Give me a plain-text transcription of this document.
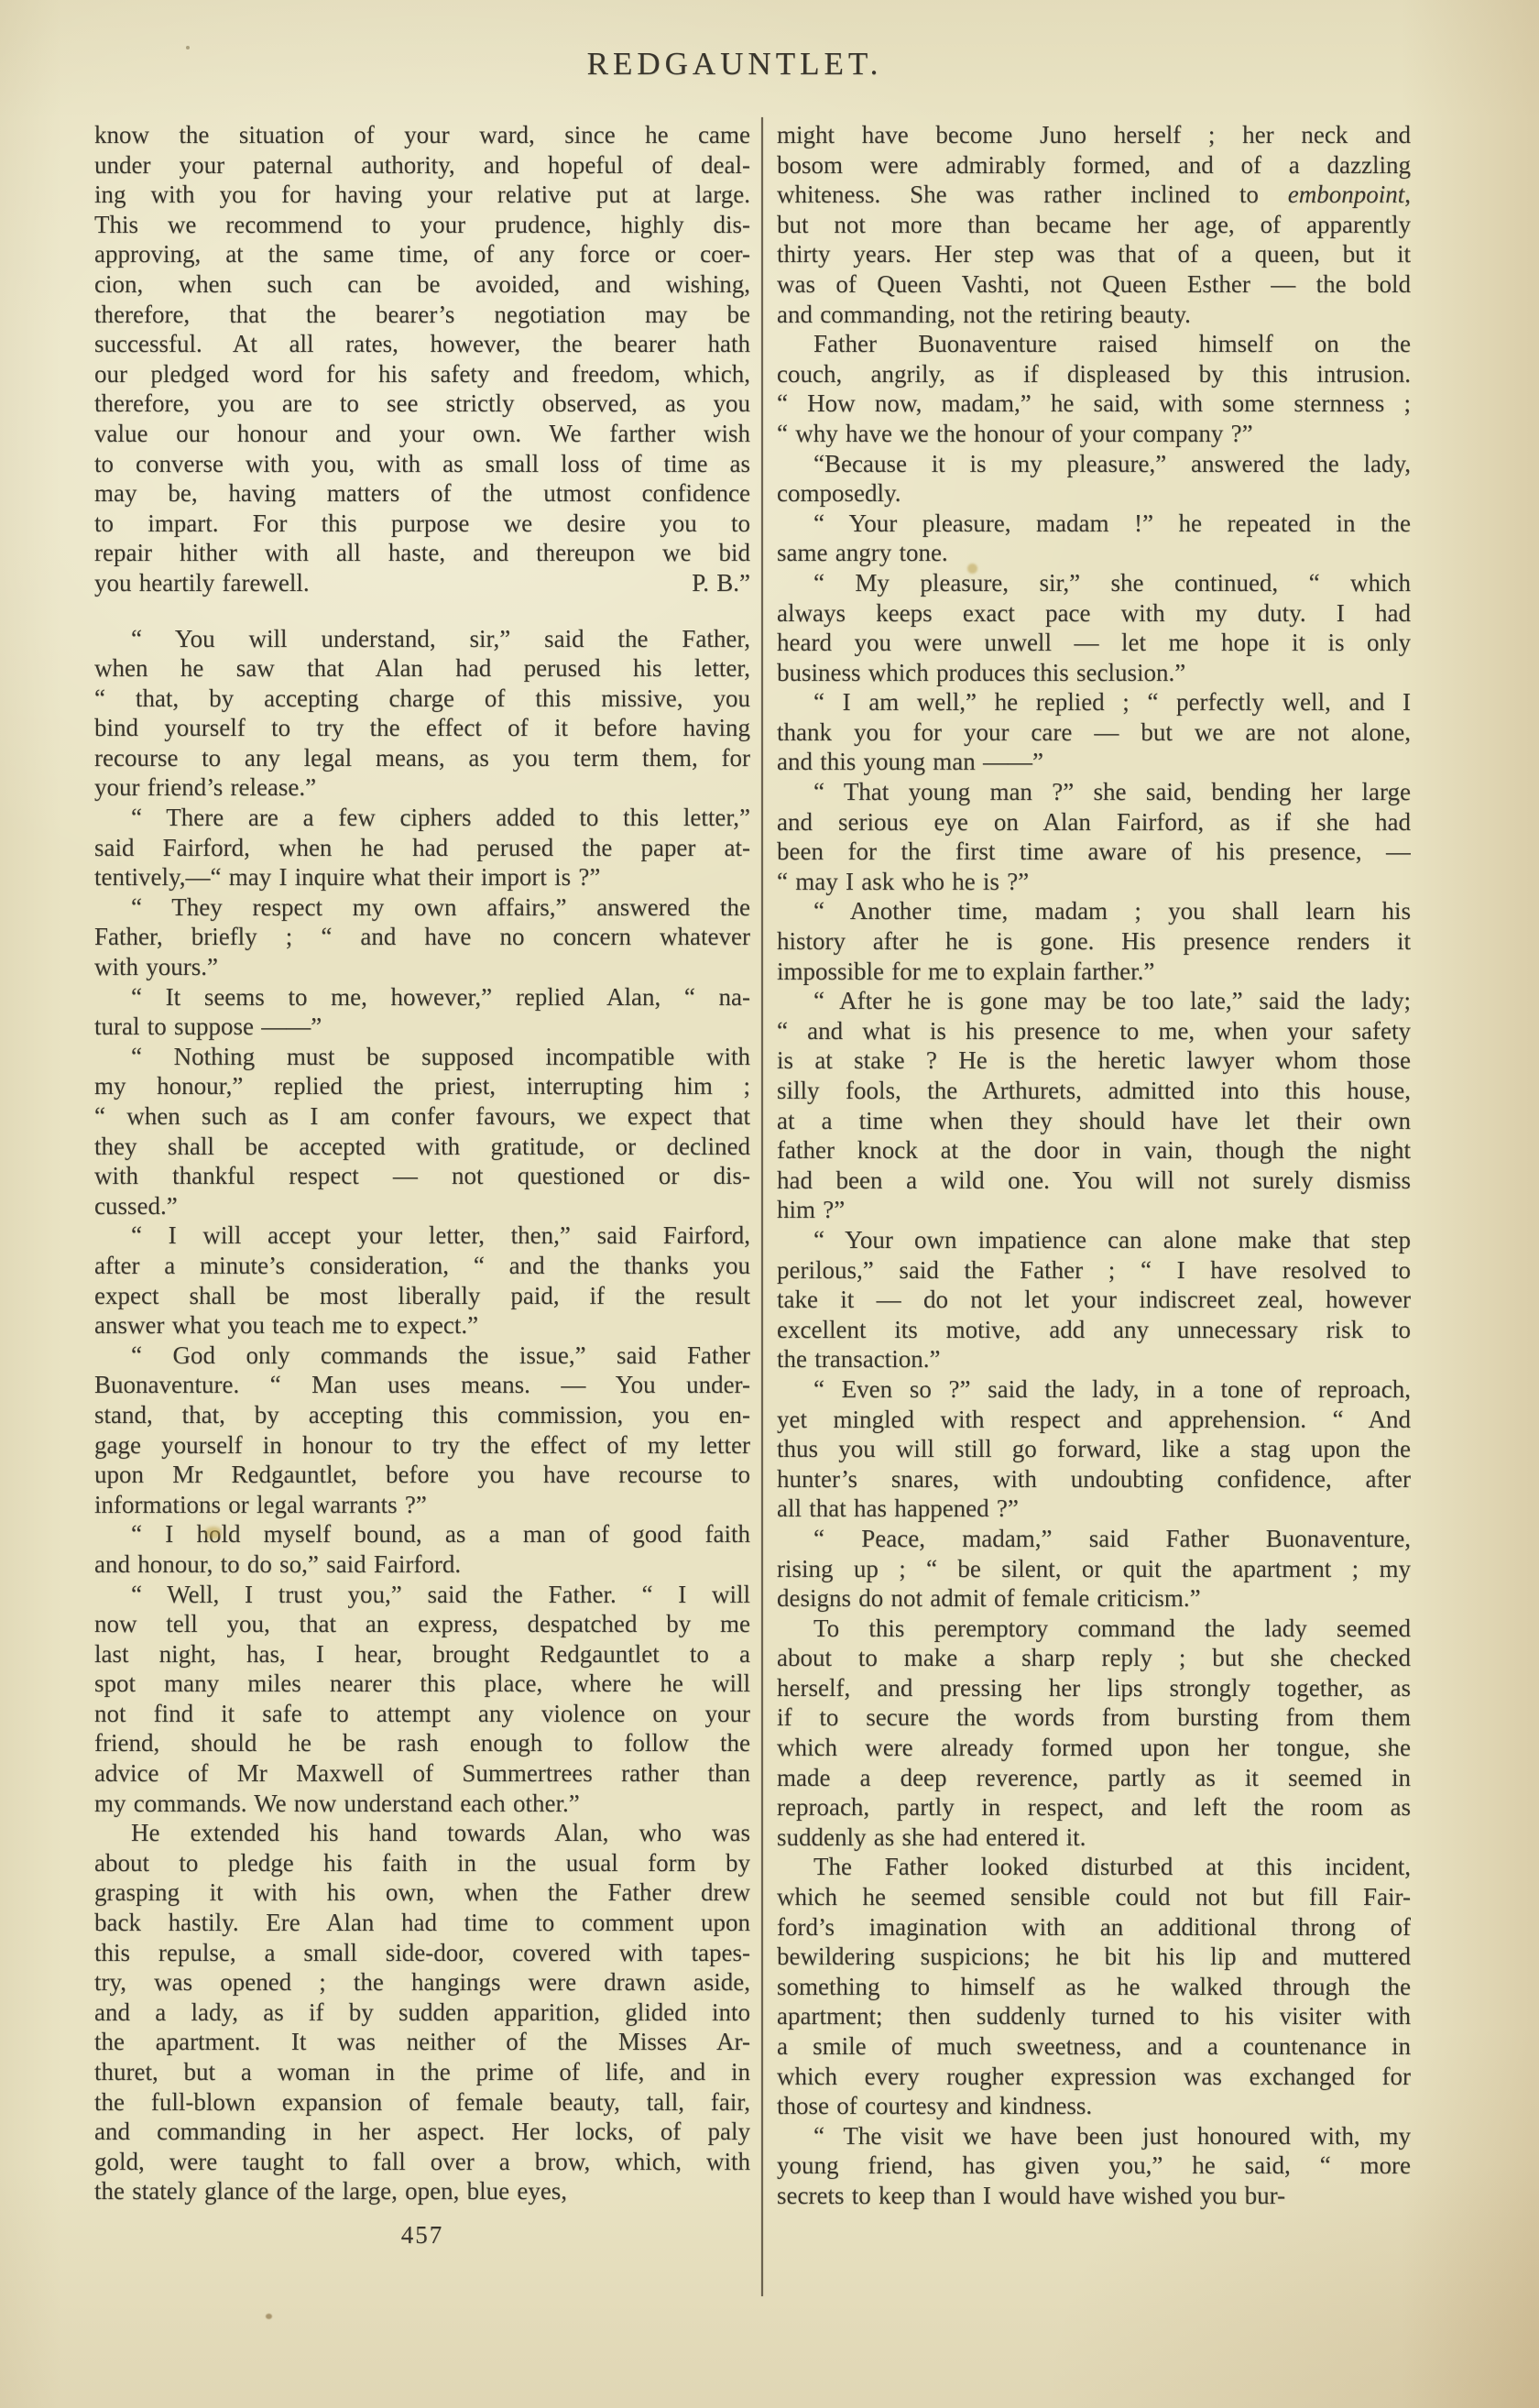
REDGAUNTLET.
know the situation of your ward, since he came
under your paternal authority, and hopeful of deal-
ing with you for having your relative put at large.
This we recommend to your prudence, highly dis-
approving, at the same time, of any force or coer-
cion, when such can be avoided, and wishing,
therefore, that the bearer’s negotiation may be
successful. At all rates, however, the bearer hath
our pledged word for his safety and freedom, which,
therefore, you are to see strictly observed, as you
value our honour and your own. We farther wish
to converse with you, with as small loss of time as
may be, having matters of the utmost confidence
to impart. For this purpose we desire you to
repair hither with all haste, and thereupon we bid
you heartily farewell.	P. B.”
“ You will understand, sir,” said the Father,
when he saw that Alan had perused his letter,
“ that, by accepting charge of this missive, you
bind yourself to try the effect of it before having
recourse to any legal means, as you term them, for
your friend’s release.”
“ There are a few ciphers added to this letter,”
said Fairford, when he had perused the paper at-
tentively,—“ may I inquire what their import is ?”
“ They respect my own affairs,” answered the
Father, briefly ; “ and have no concern whatever
with yours.”
“ It seems to me, however,” replied Alan, “ na-
tural to suppose ——”
“ Nothing must be supposed incompatible with
my honour,” replied the priest, interrupting him ;
“ when such as I am confer favours, we expect that
they shall be accepted with gratitude, or declined
with thankful respect — not questioned or dis-
cussed.”
“ I will accept your letter, then,” said Fairford,
after a minute’s consideration, “ and the thanks you
expect shall be most liberally paid, if the result
answer what you teach me to expect.”
“ God only commands the issue,” said Father
Buonaventure. “ Man uses means. — You under-
stand, that, by accepting this commission, you en-
gage yourself in honour to try the effect of my letter
upon Mr Redgauntlet, before you have recourse to
informations or legal warrants ?”
“ I hold myself bound, as a man of good faith
and honour, to do so,” said Fairford.
“ Well, I trust you,” said the Father. “ I will
now tell you, that an express, despatched by me
last night, has, I hear, brought Redgauntlet to a
spot many miles nearer this place, where he will
not find it safe to attempt any violence on your
friend, should he be rash enough to follow the
advice of Mr Maxwell of Summertrees rather than
my commands. We now understand each other.”
He extended his hand towards Alan, who was
about to pledge his faith in the usual form by
grasping it with his own, when the Father drew
back hastily. Ere Alan had time to comment upon
this repulse, a small side-door, covered with tapes-
try, was opened ; the hangings were drawn aside,
and a lady, as if by sudden apparition, glided into
the apartment. It was neither of the Misses Ar-
thuret, but a woman in the prime of life, and in
the full-blown expansion of female beauty, tall, fair,
and commanding in her aspect. Her locks, of paly
gold, were taught to fall over a brow, which, with
the stately glance of the large, open, blue eyes,
might have become Juno herself ; her neck and
bosom were admirably formed, and of a dazzling
whiteness. She was rather inclined to embonpoint,
but not more than became her age, of apparently
thirty years. Her step was that of a queen, but it
was of Queen Vashti, not Queen Esther — the bold
and commanding, not the retiring beauty.
Father Buonaventure raised himself on the
couch, angrily, as if displeased by this intrusion.
“ How now, madam,” he said, with some sternness ;
“ why have we the honour of your company ?”
“Because it is my pleasure,” answered the lady,
composedly.
“ Your pleasure, madam !” he repeated in the
same angry tone.
“ My pleasure, sir,” she continued, “ which
always keeps exact pace with my duty. I had
heard you were unwell — let me hope it is only
business which produces this seclusion.”
“ I am well,” he replied ; “ perfectly well, and I
thank you for your care — but we are not alone,
and this young man ——”
“ That young man ?” she said, bending her large
and serious eye on Alan Fairford, as if she had
been for the first time aware of his presence, —
“ may I ask who he is ?”
“ Another time, madam ; you shall learn his
history after he is gone. His presence renders it
impossible for me to explain farther.”
“ After he is gone may be too late,” said the lady;
“ and what is his presence to me, when your safety
is at stake ? He is the heretic lawyer whom those
silly fools, the Arthurets, admitted into this house,
at a time when they should have let their own
father knock at the door in vain, though the night
had been a wild one. You will not surely dismiss
him ?”
“ Your own impatience can alone make that step
perilous,” said the Father ; “ I have resolved to
take it — do not let your indiscreet zeal, however
excellent its motive, add any unnecessary risk to
the transaction.”
“ Even so ?” said the lady, in a tone of reproach,
yet mingled with respect and apprehension. “ And
thus you will still go forward, like a stag upon the
hunter’s snares, with undoubting confidence, after
all that has happened ?”
“ Peace, madam,” said Father Buonaventure,
rising up ; “ be silent, or quit the apartment ; my
designs do not admit of female criticism.”
To this peremptory command the lady seemed
about to make a sharp reply ; but she checked
herself, and pressing her lips strongly together, as
if to secure the words from bursting from them
which were already formed upon her tongue, she
made a deep reverence, partly as it seemed in
reproach, partly in respect, and left the room as
suddenly as she had entered it.
The Father looked disturbed at this incident,
which he seemed sensible could not but fill Fair-
ford’s imagination with an additional throng of
bewildering suspicions; he bit his lip and muttered
something to himself as he walked through the
apartment; then suddenly turned to his visiter with
a smile of much sweetness, and a countenance in
which every rougher expression was exchanged for
those of courtesy and kindness.
“ The visit we have been just honoured with, my
young friend, has given you,” he said, “ more
secrets to keep than I would have wished you bur-
457
